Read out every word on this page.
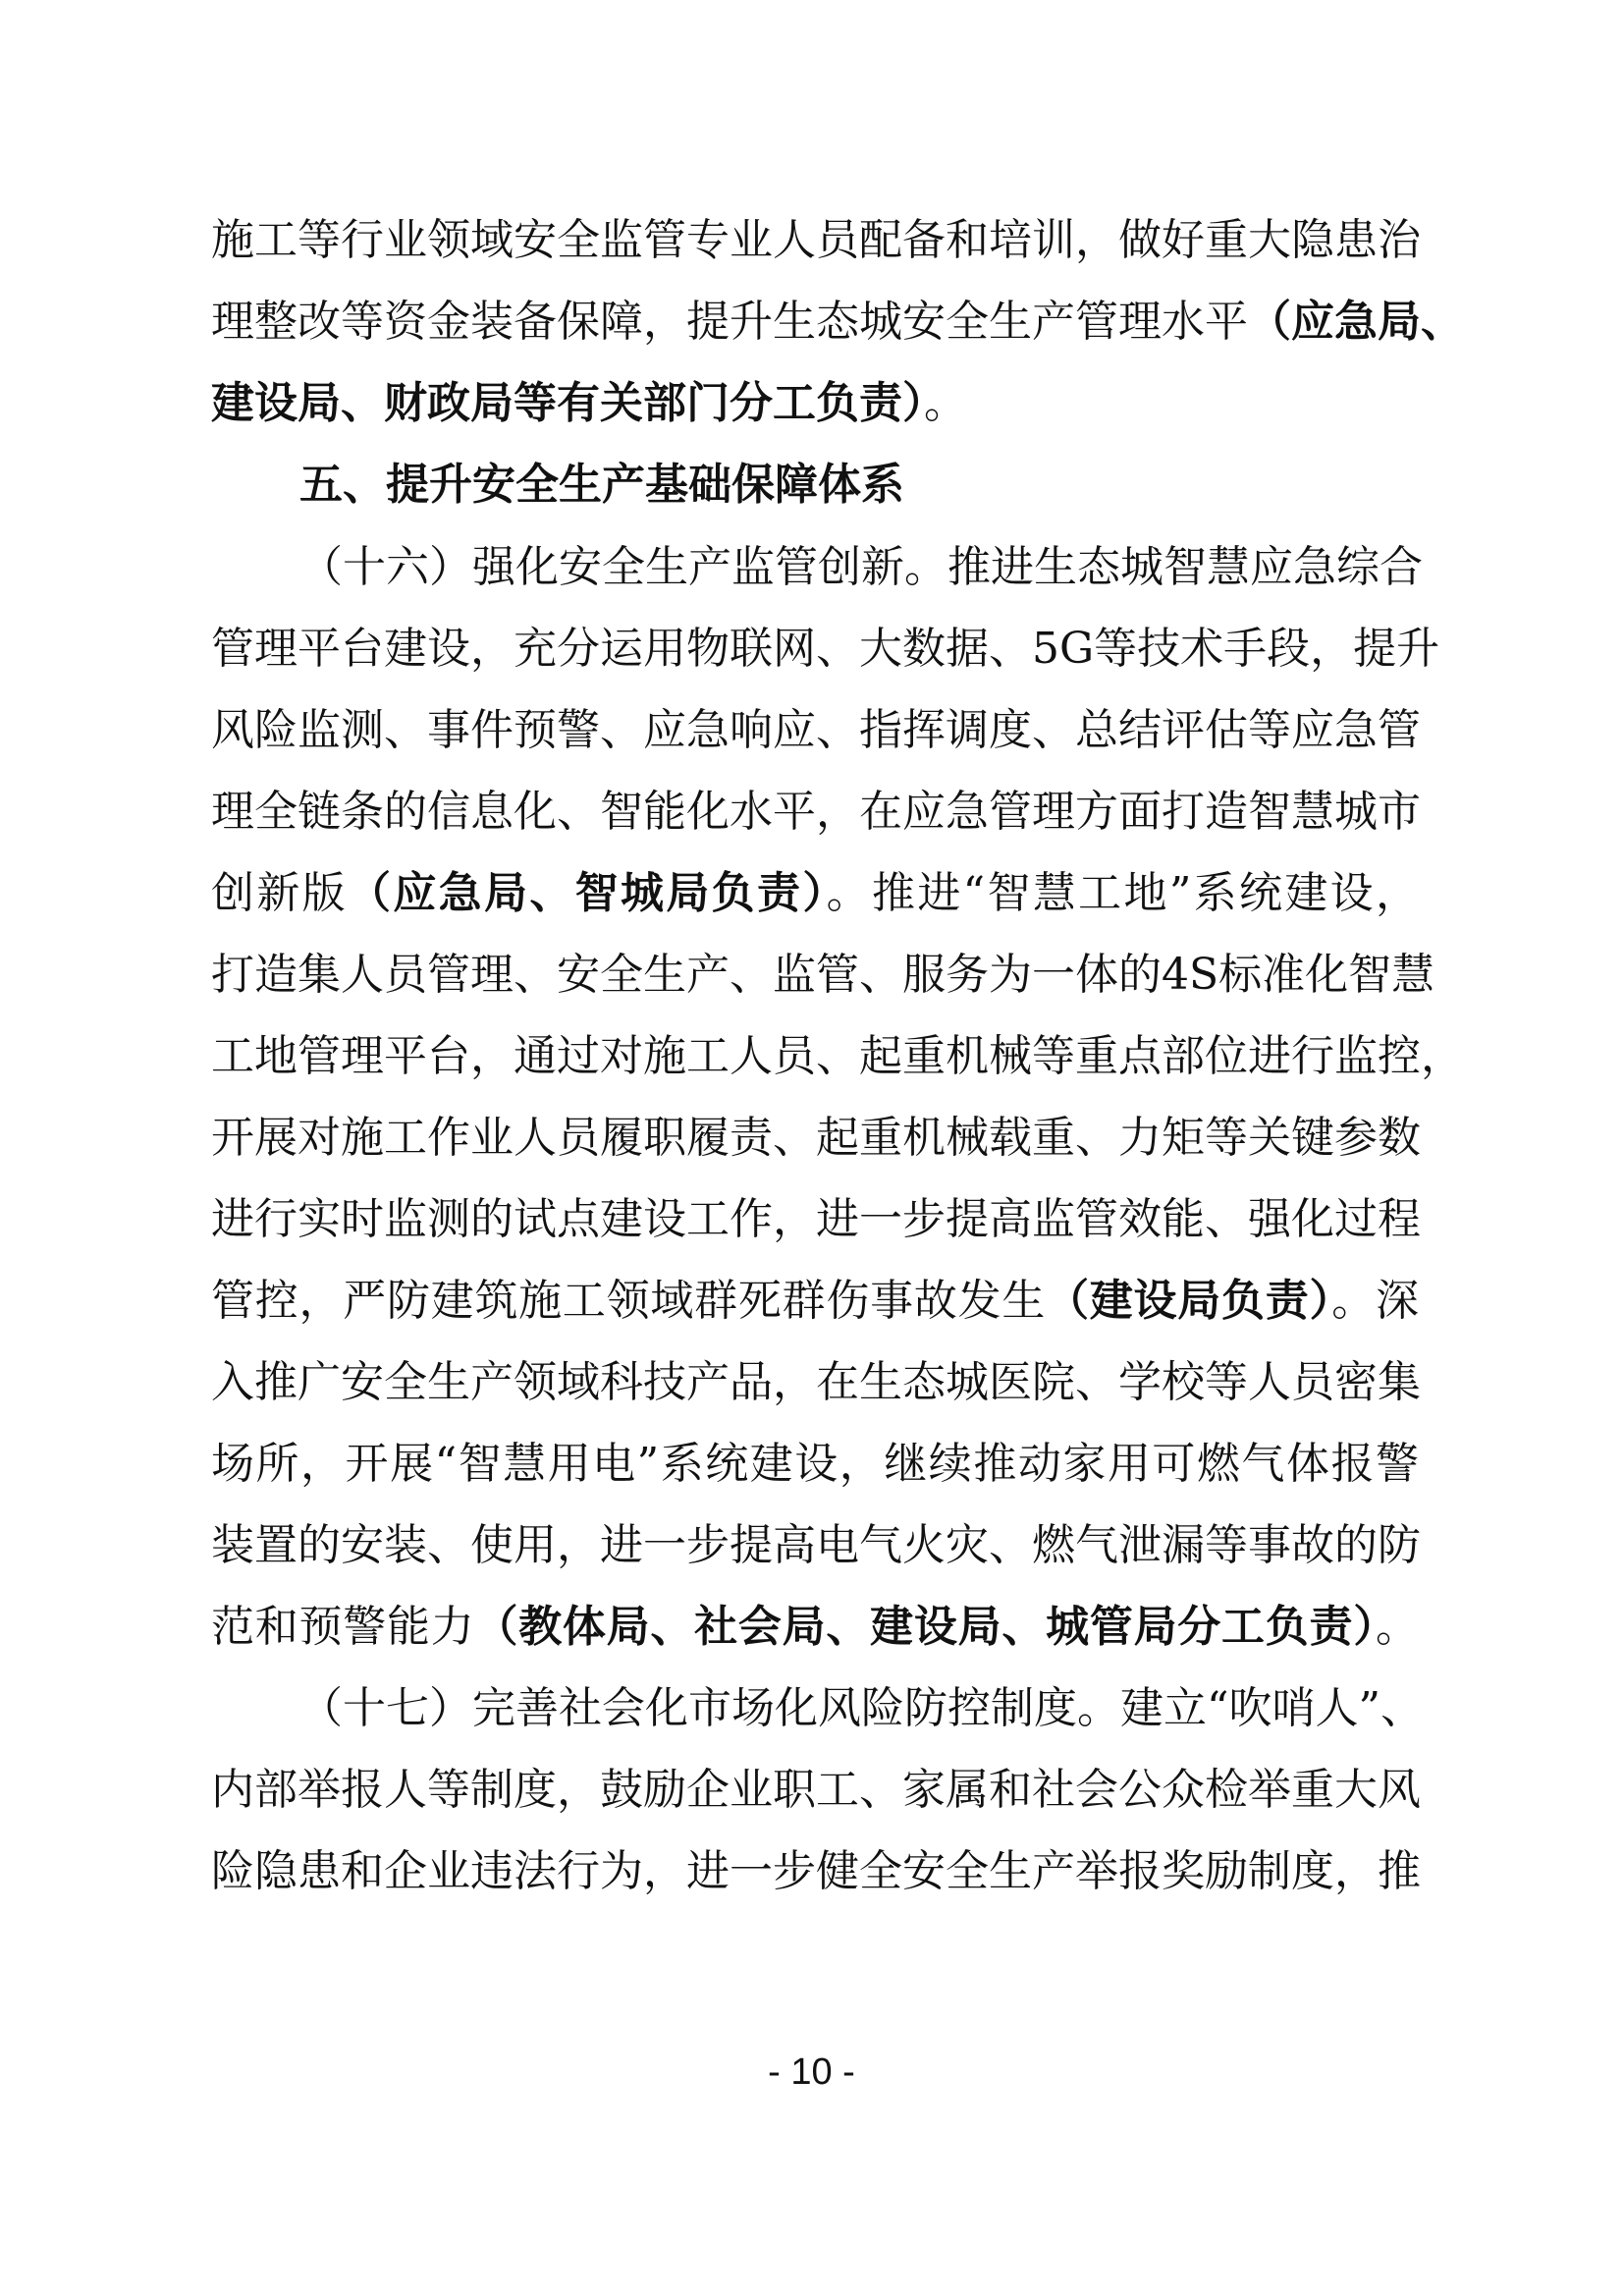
施工等行业领域安全监管专业人员配备和培训，做好重大隐患治
理整改等资金装备保障，提升生态城安全生产管理水平（应急局、
建设局、财政局等有关部门分工负责）。
五、提升安全生产基础保障体系
（十六）强化安全生产监管创新。推进生态城智慧应急综合
管理平台建设，充分运用物联网、大数据、5G等技术手段，提升
风险监测、事件预警、应急响应、指挥调度、总结评估等应急管
理全链条的信息化、智能化水平，在应急管理方面打造智慧城市
创新版（应急局、智城局负责）。推进“智慧工地”系统建设，
打造集人员管理、安全生产、监管、服务为一体的4S标准化智慧
工地管理平台，通过对施工人员、起重机械等重点部位进行监控，
开展对施工作业人员履职履责、起重机械载重、力矩等关键参数
进行实时监测的试点建设工作，进一步提高监管效能、强化过程
管控，严防建筑施工领域群死群伤事故发生（建设局负责）。深
入推广安全生产领域科技产品，在生态城医院、学校等人员密集
场所，开展“智慧用电”系统建设，继续推动家用可燃气体报警
装置的安装、使用，进一步提高电气火灾、燃气泄漏等事故的防
范和预警能力（教体局、社会局、建设局、城管局分工负责）。
（十七）完善社会化市场化风险防控制度。建立“吹哨人”、
内部举报人等制度，鼓励企业职工、家属和社会公众检举重大风
险隐患和企业违法行为，进一步健全安全生产举报奖励制度，推
- 10 -
